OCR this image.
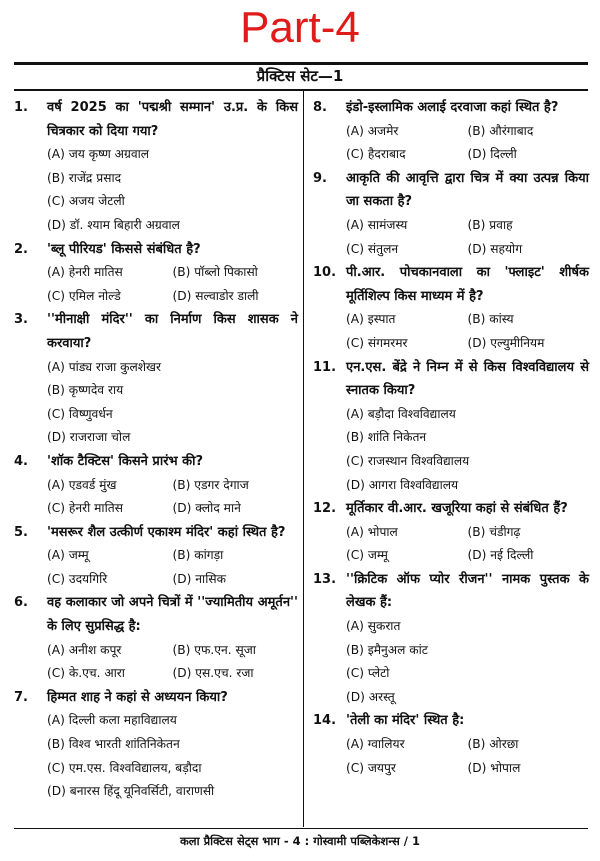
Part-4
प्रैक्टिस सेट—1
1. वर्ष 2025 का 'पद्मश्री सम्मान' उ.प्र. के किस चित्रकार को दिया गया?
(A) जय कृष्ण अग्रवाल
(B) राजेंद्र प्रसाद
(C) अजय जेटली
(D) डॉ. श्याम बिहारी अग्रवाल
2. 'ब्लू पीरियड' किससे संबंधित है?
(A) हेनरी मातिस	(B) पॉब्लो पिकासो
(C) एमिल नोल्डे	(D) सल्वाडोर डाली
3. ''मीनाक्षी मंदिर'' का निर्माण किस शासक ने करवाया?
(A) पांड्य राजा कुलशेखर
(B) कृष्णदेव राय
(C) विष्णुवर्धन
(D) राजराजा चोल
4. 'शॉक टैक्टिस' किसने प्रारंभ की?
(A) एडवर्ड मुंख	(B) एडगर देगाज
(C) हेनरी मातिस	(D) क्लोद माने
5. 'मसरूर शैल उत्कीर्ण एकाश्म मंदिर' कहां स्थित है?
(A) जम्मू	(B) कांगड़ा
(C) उदयगिरि	(D) नासिक
6. वह कलाकार जो अपने चित्रों में ''ज्यामितीय अमूर्तन'' के लिए सुप्रसिद्ध है:
(A) अनीश कपूर	(B) एफ.एन. सूजा
(C) के.एच. आरा	(D) एस.एच. रजा
7. हिम्मत शाह ने कहां से अध्ययन किया?
(A) दिल्ली कला महाविद्यालय
(B) विश्व भारती शांतिनिकेतन
(C) एम.एस. विश्वविद्यालय, बड़ौदा
(D) बनारस हिंदू यूनिवर्सिटी, वाराणसी
8. इंडो-इस्लामिक अलाई दरवाजा कहां स्थित है?
(A) अजमेर	(B) औरंगाबाद
(C) हैदराबाद	(D) दिल्ली
9. आकृति की आवृत्ति द्वारा चित्र में क्या उत्पन्न किया जा सकता है?
(A) सामंजस्य	(B) प्रवाह
(C) संतुलन	(D) सहयोग
10. पी.आर. पोचकानवाला का 'फ्लाइट' शीर्षक मूर्तिशिल्प किस माध्यम में है?
(A) इस्पात	(B) कांस्य
(C) संगमरमर	(D) एल्युमीनियम
11. एन.एस. बेंद्रे ने निम्न में से किस विश्वविद्यालय से स्नातक किया?
(A) बड़ौदा विश्वविद्यालय
(B) शांति निकेतन
(C) राजस्थान विश्वविद्यालय
(D) आगरा विश्वविद्यालय
12. मूर्तिकार वी.आर. खजूरिया कहां से संबंधित हैं?
(A) भोपाल	(B) चंडीगढ़
(C) जम्मू	(D) नई दिल्ली
13. ''क्रिटिक ऑफ प्योर रीजन'' नामक पुस्तक के लेखक हैं:
(A) सुकरात
(B) इमैनुअल कांट
(C) प्लेटो
(D) अरस्तू
14. 'तेली का मंदिर' स्थित है:
(A) ग्वालियर	(B) ओरछा
(C) जयपुर	(D) भोपाल
कला प्रैक्टिस सेट्स भाग - 4 : गोस्वामी पब्लिकेशन्स / 1
